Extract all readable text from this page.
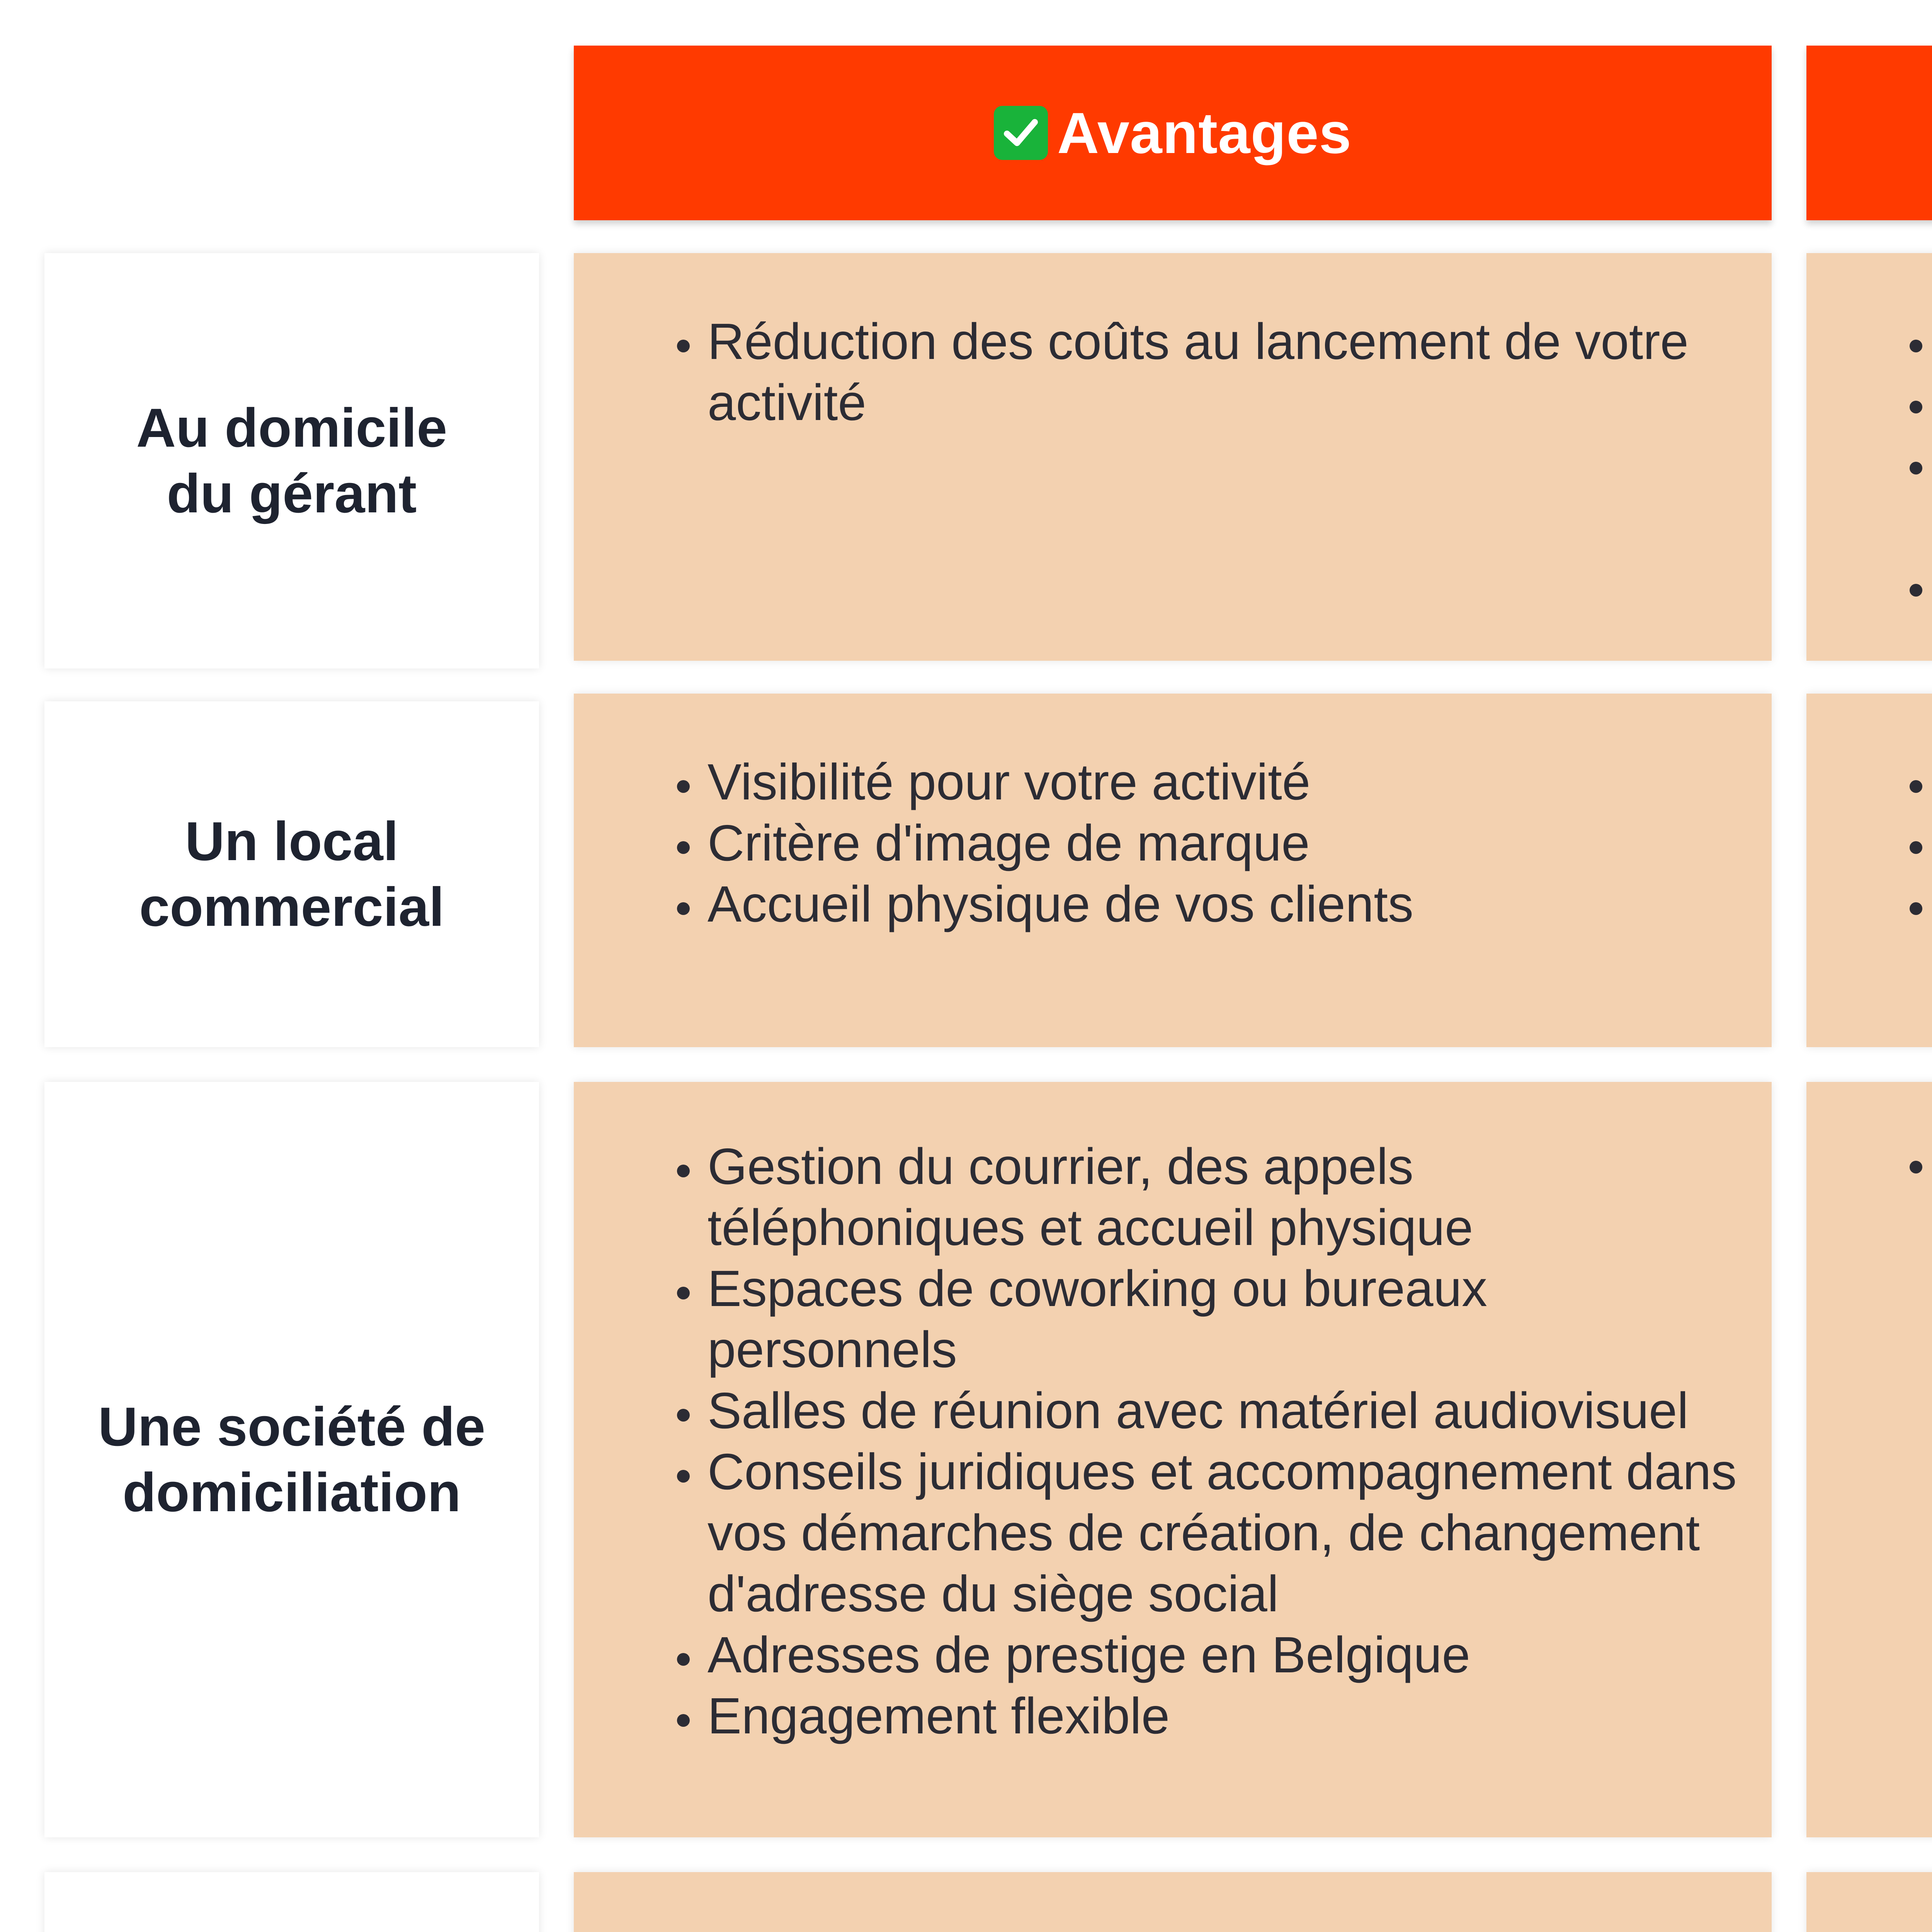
Avantages
Au domicile
du gérant
• Réduction des coûts au lancement de votre activité
Un local
commercial
• Visibilité pour votre activité
• Critère d'image de marque
• Accueil physique de vos clients
Une société de
domiciliation
• Gestion du courrier, des appels téléphoniques et accueil physique
• Espaces de coworking ou bureaux personnels
• Salles de réunion avec matériel audiovisuel
• Conseils juridiques et accompagnement dans vos démarches de création, de changement d'adresse du siège social
• Adresses de prestige en Belgique
• Engagement flexible
